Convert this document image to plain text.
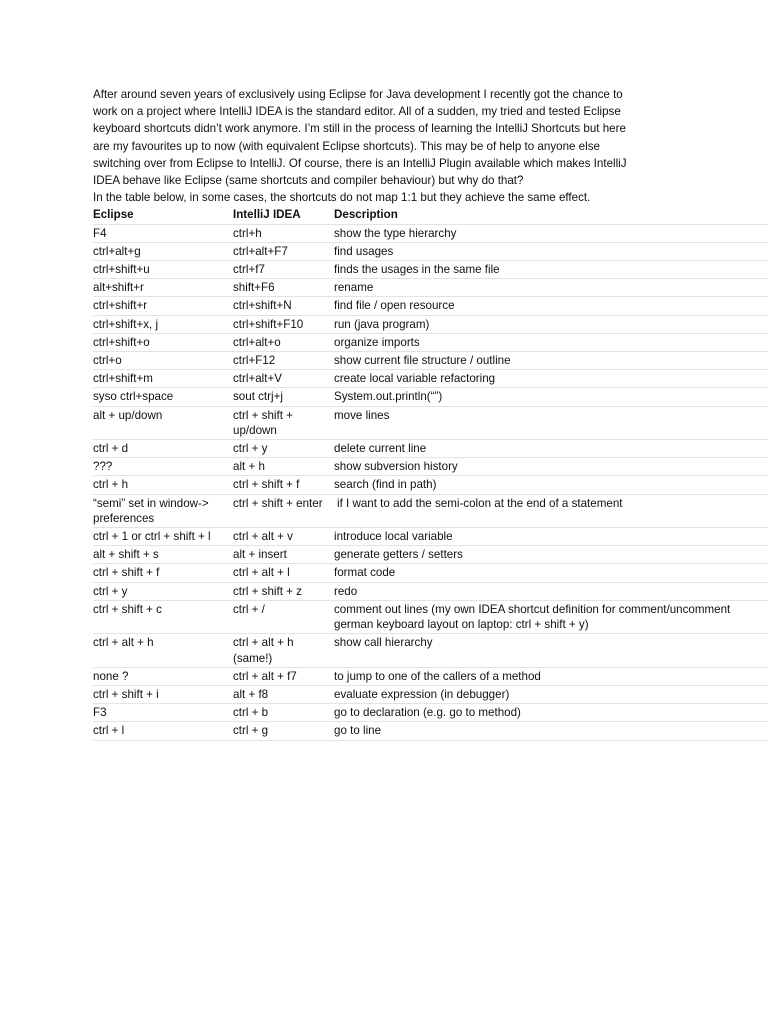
After around seven years of exclusively using Eclipse for Java development I recently got the chance to

work on a project where IntelliJ IDEA is the standard editor. All of a sudden, my tried and tested Eclipse

keyboard shortcuts didn’t work anymore. I’m still in the process of learning the IntelliJ Shortcuts but here

are my favourites up to now (with equivalent Eclipse shortcuts). This may be of help to anyone else

switching over from Eclipse to IntelliJ. Of course, there is an IntelliJ Plugin available which makes IntelliJ

IDEA behave like Eclipse (same shortcuts and compiler behaviour) but why do that?

In the table below, in some cases, the shortcuts do not map 1:1 but they achieve the same effect.

Eclipse	IntelliJ IDEA	Description
F4	ctrl+h	show the type hierarchy

ctrl+alt+g	ctrl+alt+F7	find usages

ctrl+shift+u	ctrl+f7	finds the usages in the same file

alt+shift+r	shift+F6	rename

ctrl+shift+r	ctrl+shift+N	find file / open resource

ctrl+shift+x, j	ctrl+shift+F10	run (java program)

ctrl+shift+o	ctrl+alt+o	organize imports

ctrl+o	ctrl+F12	show current file structure / outline

ctrl+shift+m	ctrl+alt+V	create local variable refactoring

syso ctrl+space	sout ctrj+j	System.out.println(“”)

alt + up/down	ctrl + shift + up/down	move lines

ctrl + d	ctrl + y	delete current line

???	alt + h	show subversion history

ctrl + h	ctrl + shift + f	search (find in path)

“semi” set in window-> preferences	ctrl + shift + enter	if I want to add the semi-colon at the end of a statement

ctrl + 1 or ctrl + shift + l	ctrl + alt + v	introduce local variable

alt + shift + s	alt + insert	generate getters / setters

ctrl + shift + f	ctrl + alt + l	format code

ctrl + y	ctrl + shift + z	redo

ctrl + shift + c	ctrl + /	comment out lines (my own IDEA shortcut definition for comment/uncomment
german keyboard layout on laptop: ctrl + shift + y)

ctrl + alt + h	ctrl + alt + h (same!)	show call hierarchy

none ?	ctrl + alt + f7	to jump to one of the callers of a method

ctrl + shift + i	alt + f8	evaluate expression (in debugger)

F3	ctrl + b	go to declaration (e.g. go to method)

ctrl + l	ctrl + g	go to line
